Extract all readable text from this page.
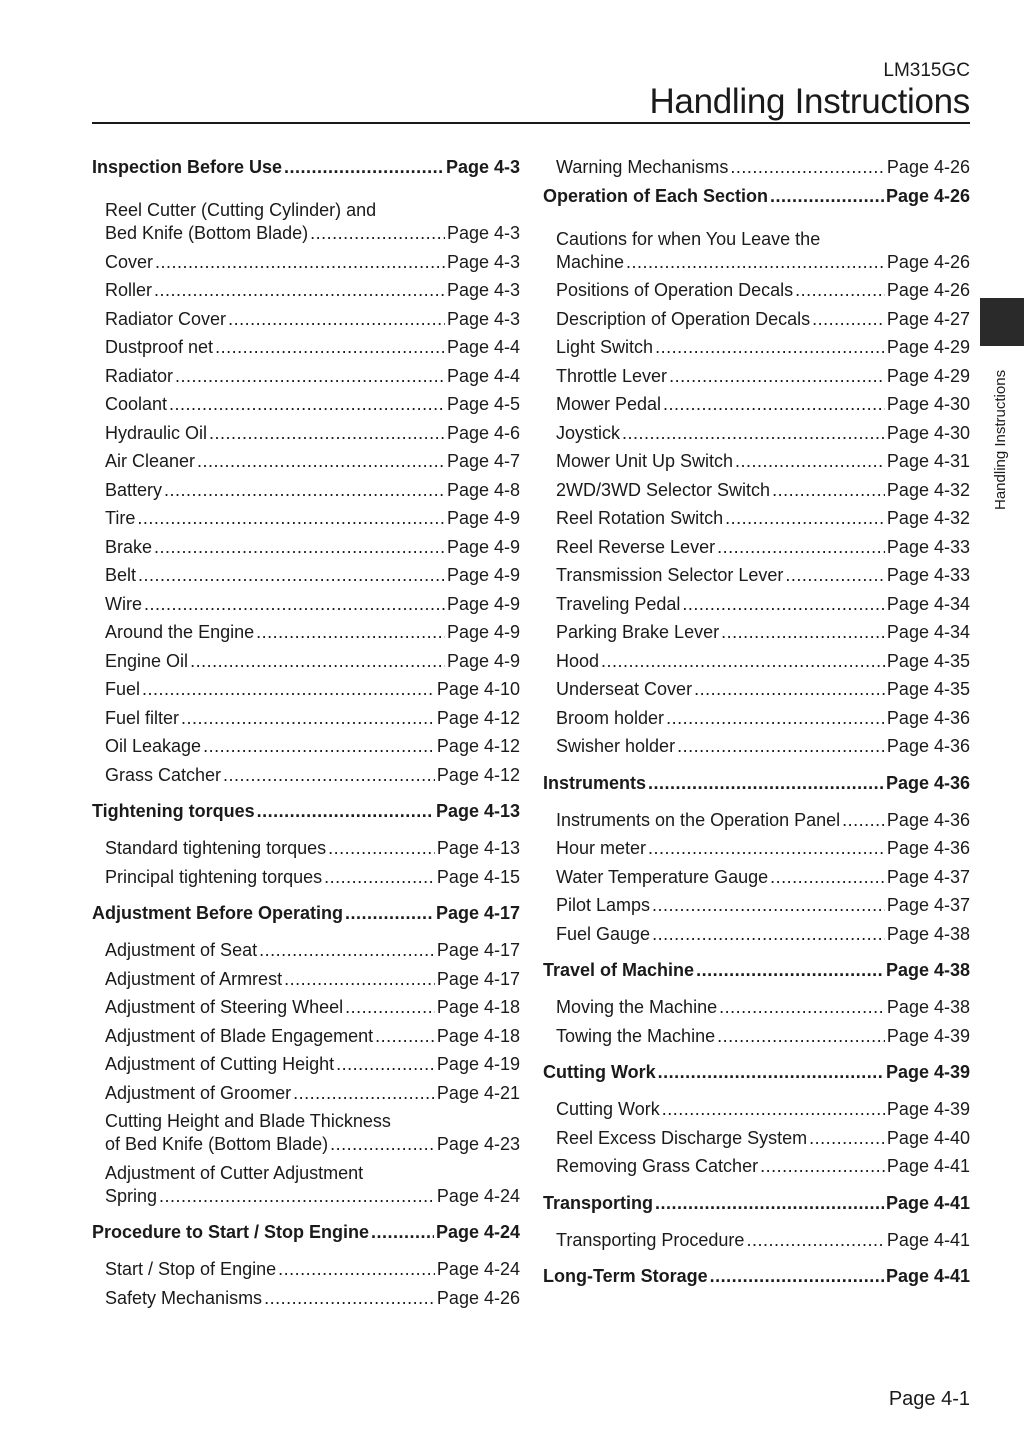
LM315GC
Handling Instructions
Handling Instructions
Inspection Before Use .....	Page 4-3
Reel Cutter (Cutting Cylinder) and
Bed Knife (Bottom Blade) .....	Page 4-3
Cover .....	Page 4-3
Roller .....	Page 4-3
Radiator Cover .....	Page 4-3
Dustproof net .....	Page 4-4
Radiator .....	Page 4-4
Coolant .....	Page 4-5
Hydraulic Oil .....	Page 4-6
Air Cleaner .....	Page 4-7
Battery .....	Page 4-8
Tire .....	Page 4-9
Brake .....	Page 4-9
Belt .....	Page 4-9
Wire .....	Page 4-9
Around the Engine .....	Page 4-9
Engine Oil .....	Page 4-9
Fuel .....	Page 4-10
Fuel filter .....	Page 4-12
Oil Leakage .....	Page 4-12
Grass Catcher .....	Page 4-12
Tightening torques .....	Page 4-13
Standard tightening torques .....	Page 4-13
Principal tightening torques .....	Page 4-15
Adjustment Before Operating .....	Page 4-17
Adjustment of Seat .....	Page 4-17
Adjustment of Armrest .....	Page 4-17
Adjustment of Steering Wheel .....	Page 4-18
Adjustment of Blade Engagement .....	Page 4-18
Adjustment of Cutting Height .....	Page 4-19
Adjustment of Groomer .....	Page 4-21
Cutting Height and Blade Thickness
of Bed Knife (Bottom Blade) .....	Page 4-23
Adjustment of Cutter Adjustment
Spring .....	Page 4-24
Procedure to Start / Stop Engine .....	Page 4-24
Start / Stop of Engine .....	Page 4-24
Safety Mechanisms .....	Page 4-26
Warning Mechanisms .....	Page 4-26
Operation of Each Section .....	Page 4-26
Cautions for when You Leave the
Machine .....	Page 4-26
Positions of Operation Decals .....	Page 4-26
Description of Operation Decals .....	Page 4-27
Light Switch .....	Page 4-29
Throttle Lever .....	Page 4-29
Mower Pedal .....	Page 4-30
Joystick .....	Page 4-30
Mower Unit Up Switch .....	Page 4-31
2WD/3WD Selector Switch .....	Page 4-32
Reel Rotation Switch .....	Page 4-32
Reel Reverse Lever .....	Page 4-33
Transmission Selector Lever .....	Page 4-33
Traveling Pedal .....	Page 4-34
Parking Brake Lever .....	Page 4-34
Hood .....	Page 4-35
Underseat Cover .....	Page 4-35
Broom holder .....	Page 4-36
Swisher holder .....	Page 4-36
Instruments .....	Page 4-36
Instruments on the Operation Panel .....	Page 4-36
Hour meter .....	Page 4-36
Water Temperature Gauge .....	Page 4-37
Pilot Lamps .....	Page 4-37
Fuel Gauge .....	Page 4-38
Travel of Machine .....	Page 4-38
Moving the Machine .....	Page 4-38
Towing the Machine .....	Page 4-39
Cutting Work .....	Page 4-39
Cutting Work .....	Page 4-39
Reel Excess Discharge System .....	Page 4-40
Removing Grass Catcher .....	Page 4-41
Transporting .....	Page 4-41
Transporting Procedure .....	Page 4-41
Long-Term Storage .....	Page 4-41
Page 4-1
